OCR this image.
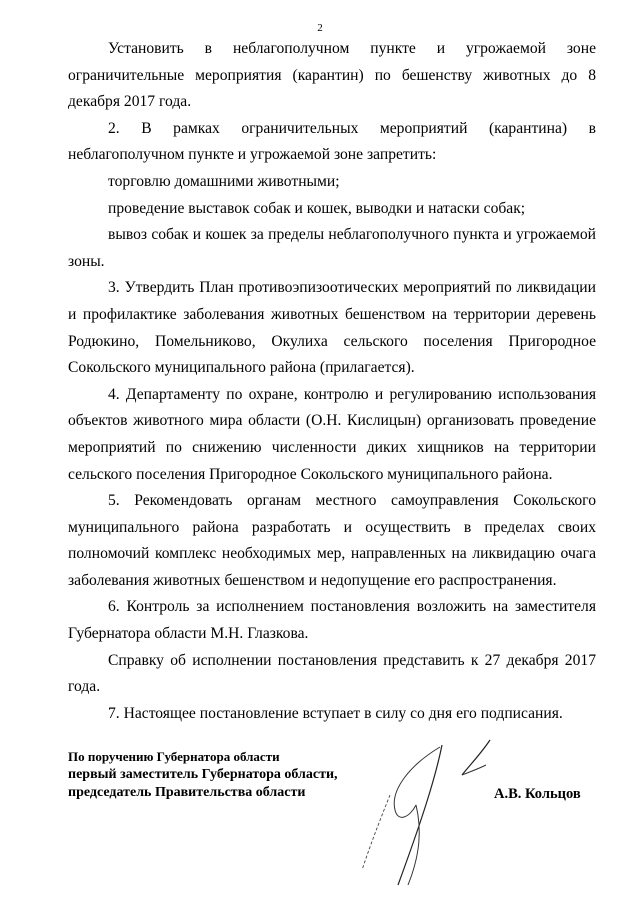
2

Установить в неблагополучном пункте и угрожаемой зоне ограничительные мероприятия (карантин) по бешенству животных до 8 декабря 2017 года.

2. В рамках ограничительных мероприятий (карантина) в неблагополучном пункте и угрожаемой зоне запретить:

торговлю домашними животными;

проведение выставок собак и кошек, выводки и натаски собак;

вывоз собак и кошек за пределы неблагополучного пункта и угрожаемой зоны.

3. Утвердить План противоэпизоотических мероприятий по ликвидации и профилактике заболевания животных бешенством на территории деревень Родюкино, Помельниково, Окулиха сельского поселения Пригородное Сокольского муниципального района (прилагается).

4. Департаменту по охране, контролю и регулированию использования объектов животного мира области (О.Н. Кислицын) организовать проведение мероприятий по снижению численности диких хищников на территории сельского поселения Пригородное Сокольского муниципального района.

5. Рекомендовать органам местного самоуправления Сокольского муниципального района разработать и осуществить в пределах своих полномочий комплекс необходимых мер, направленных на ликвидацию очага заболевания животных бешенством и недопущение его распространения.

6. Контроль за исполнением постановления возложить на заместителя Губернатора области М.Н. Глазкова.

Справку об исполнении постановления представить к 27 декабря 2017 года.

7. Настоящее постановление вступает в силу со дня его подписания.

По поручению Губернатора области
первый заместитель Губернатора области,
председатель Правительства области	А.В. Кольцов
